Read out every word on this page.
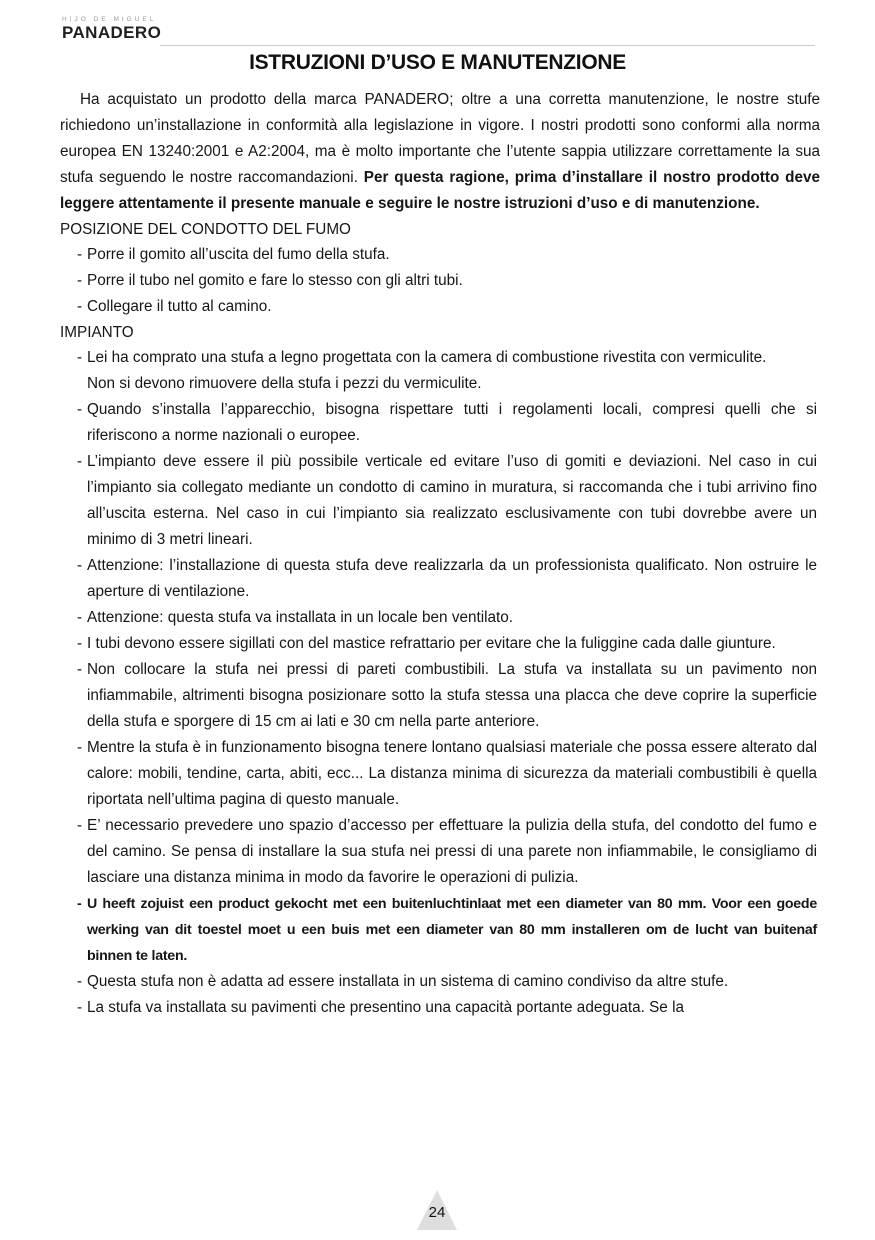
HIJO DE MIGUEL
PANADERO
ISTRUZIONI D’USO E MANUTENZIONE

Ha acquistato un prodotto della marca PANADERO; oltre a una corretta manutenzione, le nostre stufe richiedono un’installazione in conformità alla legislazione in vigore. I nostri prodotti sono conformi alla norma europea EN 13240:2001 e A2:2004, ma è molto importante che l’utente sappia utilizzare correttamente la sua stufa seguendo le nostre raccomandazioni. Per questa ragione, prima d’installare il nostro prodotto deve leggere attentamente il presente manuale e seguire le nostre istruzioni d’uso e di manutenzione.

POSIZIONE DEL CONDOTTO DEL FUMO
- Porre il gomito all’uscita del fumo della stufa.
- Porre il tubo nel gomito e fare lo stesso con gli altri tubi.
- Collegare il tutto al camino.
IMPIANTO
- Lei ha comprato una stufa a legno progettata con la camera di combustione rivestita con vermiculite.
Non si devono rimuovere della stufa i pezzi du vermiculite.
- Quando s’installa l’apparecchio, bisogna rispettare tutti i regolamenti locali, compresi quelli che si riferiscono a norme nazionali o europee.
- L’impianto deve essere il più possibile verticale ed evitare l’uso di gomiti e deviazioni. Nel caso in cui l’impianto sia collegato mediante un condotto di camino in muratura, si raccomanda che i tubi arrivino fino all’uscita esterna. Nel caso in cui l’impianto sia realizzato esclusivamente con tubi dovrebbe avere un minimo di 3 metri lineari.
- Attenzione: l’installazione di questa stufa deve realizzarla da un professionista qualificato. Non ostruire le aperture di ventilazione.
- Attenzione: questa stufa va installata in un locale ben ventilato.
- I tubi devono essere sigillati con del mastice refrattario per evitare che la fuliggine cada dalle giunture.
- Non collocare la stufa nei pressi di pareti combustibili. La stufa va installata su un pavimento non infiammabile, altrimenti bisogna posizionare sotto la stufa stessa una placca che deve coprire la superficie della stufa e sporgere di 15 cm ai lati e 30 cm nella parte anteriore.
- Mentre la stufa è in funzionamento bisogna tenere lontano qualsiasi materiale che possa essere alterato dal calore: mobili, tendine, carta, abiti, ecc... La distanza minima di sicurezza da materiali combustibili è quella riportata nell’ultima pagina di questo manuale.
- E’ necessario prevedere uno spazio d’accesso per effettuare la pulizia della stufa, del condotto del fumo e del camino. Se pensa di installare la sua stufa nei pressi di una parete non infiammabile, le consigliamo di lasciare una distanza minima in modo da favorire le operazioni di pulizia.
- U heeft zojuist een product gekocht met een buitenluchtinlaat met een diameter van 80 mm. Voor een goede werking van dit toestel moet u een buis met een diameter van 80 mm installeren om de lucht van buitenaf binnen te laten.
- Questa stufa non è adatta ad essere installata in un sistema di camino condiviso da altre stufe.
- La stufa va installata su pavimenti che presentino una capacità portante adeguata. Se la
24
